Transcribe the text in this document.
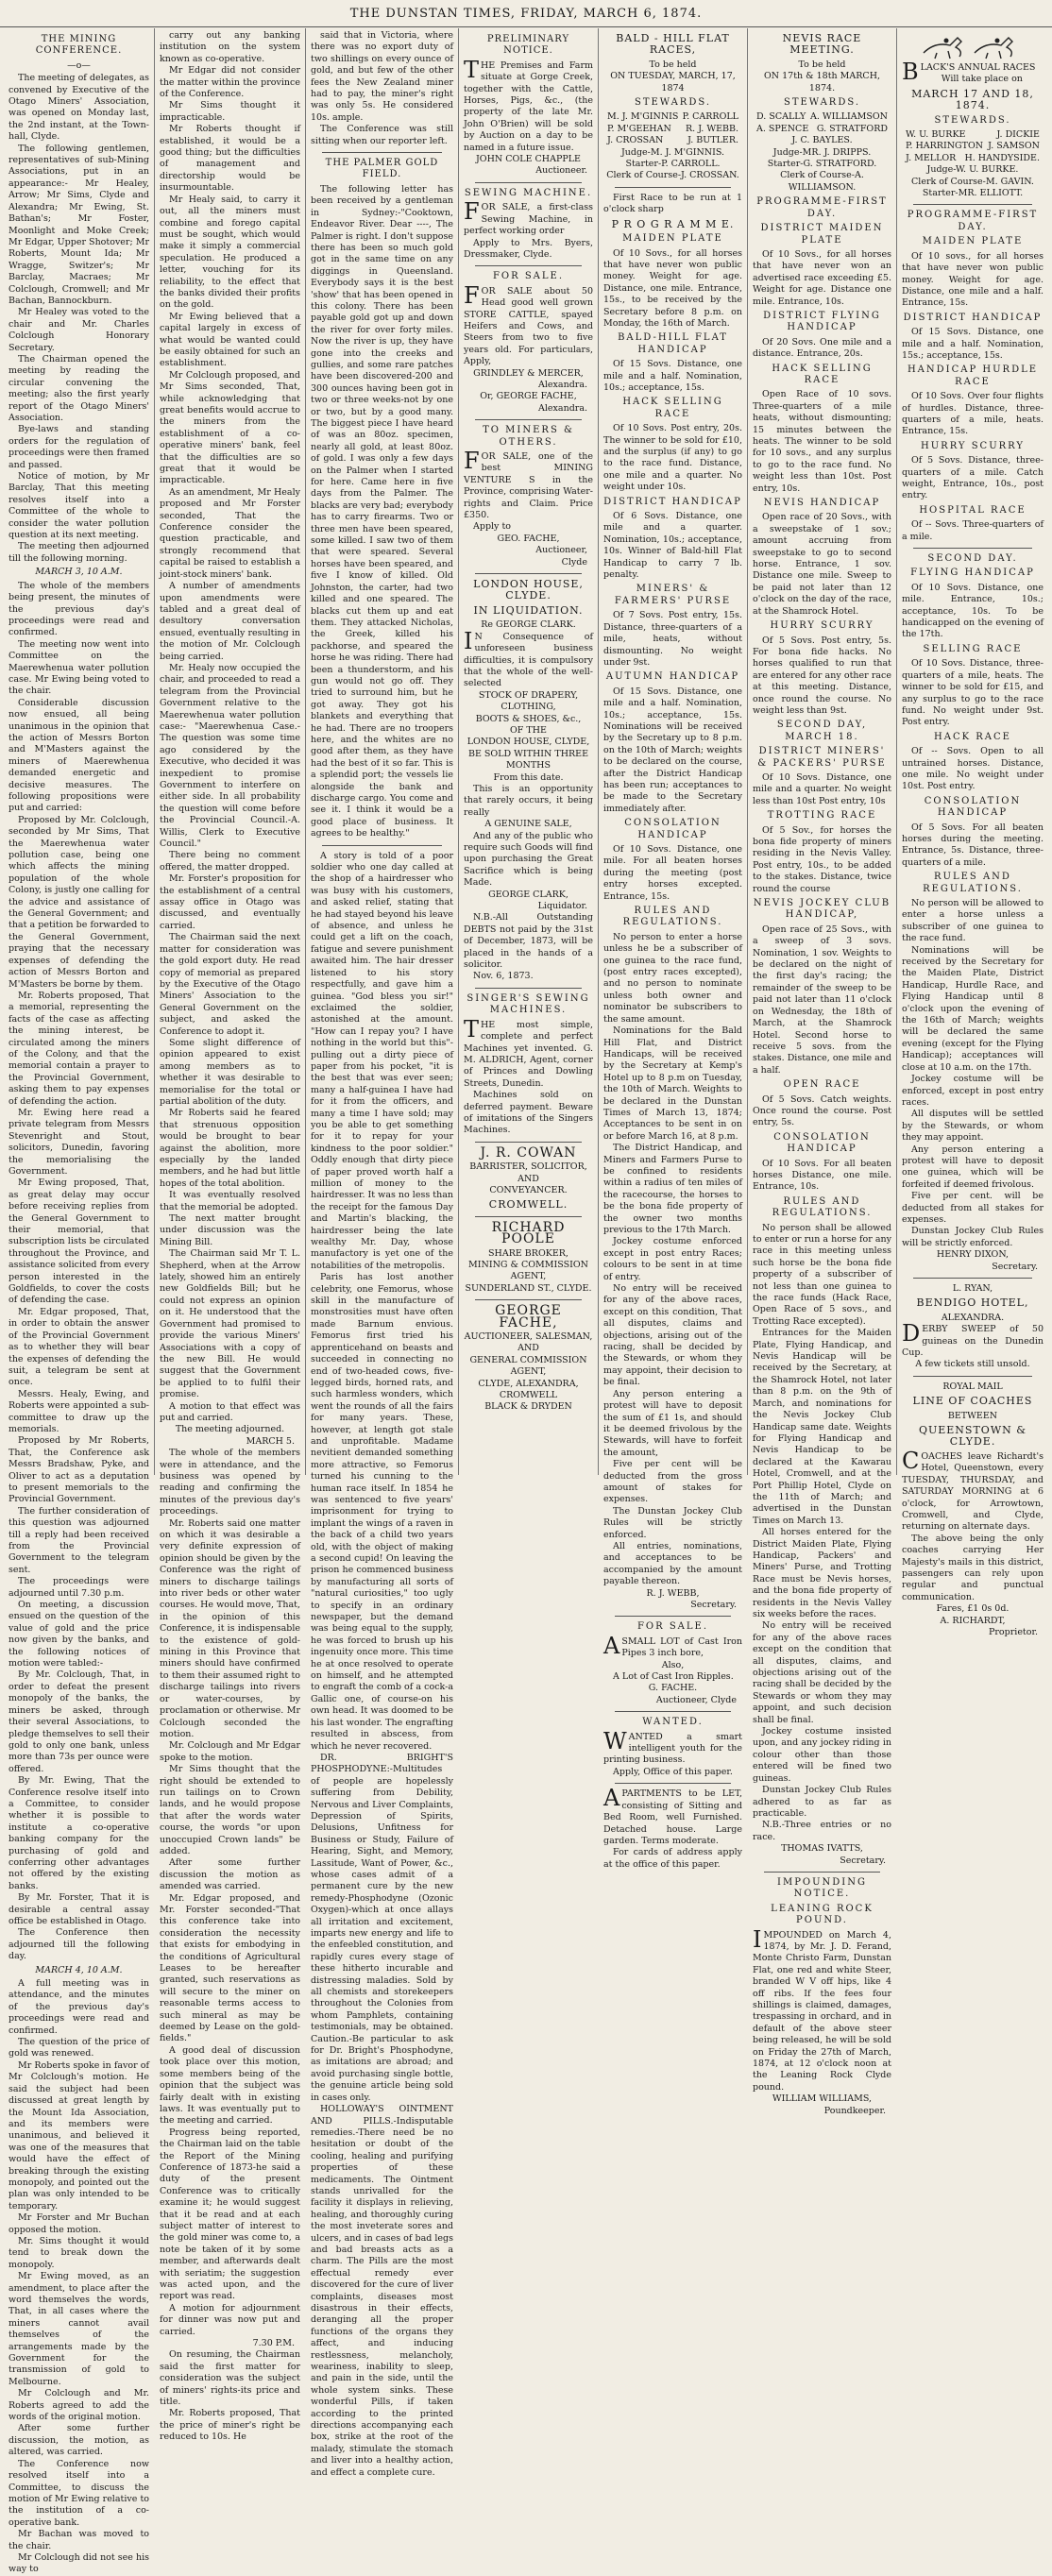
THE DUNSTAN TIMES, FRIDAY, MARCH 6, 1874.
THE MINING CONFERENCE.
—o—

The meeting of delegates, as convened by Executive of the Otago Miners' Association, was opened on Monday last, the 2nd instant, at the Town-hall, Clyde.

The following gentlemen, representatives of sub-Mining Associations, put in an appearance:- Mr Healey, Arrow; Mr Sims, Clyde and Alexandra; Mr Ewing, St. Bathan's; Mr Foster, Moonlight and Moke Creek; Mr Edgar, Upper Shotover; Mr Roberts, Mount Ida; Mr Wragge, Switzer's; Mr Barclay, Macraes; Mr Colclough, Cromwell; and Mr Bachan, Bannockburn.

Mr Healey was voted to the chair and Mr. Charles Colclough Honorary Secretary.

The Chairman opened the meeting by reading the circular convening the meeting; also the first yearly report of the Otago Miners' Association.

Bye-laws and standing orders for the regulation of proceedings were then framed and passed.

Notice of motion, by Mr Barclay, That this meeting resolves itself into a Committee of the whole to consider the water pollution question at its next meeting.

The meeting then adjourned till the following morning.

MARCH 3, 10 A.M.

The whole of the members being present, the minutes of the previous day's proceedings were read and confirmed.

The meeting now went into Committee on the Maerewhenua water pollution case. Mr Ewing being voted to the chair.

Considerable discussion now ensued, all being unanimous in the opinion that the action of Messrs Borton and M'Masters against the miners of Maerewhenua demanded energetic and decisive measures. The following propositions were put and carried:

Proposed by Mr. Colclough, seconded by Mr Sims, That the Maerewhenua water pollution case, being one which affects the mining population of the whole Colony, is justly one calling for the advice and assistance of the General Government; and that a petition be forwarded to the General Government, praying that the necessary expenses of defending the action of Messrs Borton and M'Masters be borne by them.

Mr. Roberts proposed, That a memorial, representing the facts of the case as affecting the mining interest, be circulated among the miners of the Colony, and that the memorial contain a prayer to the Provincial Government, asking them to pay expenses of defending the action.

Mr. Ewing here read a private telegram from Messrs Stevenright and Stout, solicitors, Dunedin, favoring the memorialising the Government.

Mr Ewing proposed, That, as great delay may occur before receiving replies from the General Government to their memorial, that subscription lists be circulated throughout the Province, and assistance solicited from every person interested in the Goldfields, to cover the costs of defending the case.

Mr. Edgar proposed, That, in order to obtain the answer of the Provincial Government as to whether they will bear the expenses of defending the suit, a telegram be sent at once.

Messrs. Healy, Ewing, and Roberts were appointed a sub-committee to draw up the memorials.

Proposed by Mr Roberts, That, the Conference ask Messrs Bradshaw, Pyke, and Oliver to act as a deputation to present memorials to the Provincial Government.

The further consideration of this question was adjourned till a reply had been received from the Provincial Government to the telegram sent.

The proceedings were adjourned until 7.30 p.m.

On meeting, a discussion ensued on the question of the value of gold and the price now given by the banks, and the following notices of motion were tabled:-

By Mr. Colclough, That, in order to defeat the present monopoly of the banks, the miners be asked, through their several Associations, to pledge themselves to sell their gold to only one bank, unless more than 73s per ounce were offered.

By Mr. Ewing, That the Conference resolve itself into a Committee, to consider whether it is possible to institute a co-operative banking company for the purchasing of gold and conferring other advantages not offered by the existing banks.

By Mr. Forster, That it is desirable a central assay office be established in Otago.

The Conference then adjourned till the following day.

MARCH 4, 10 A.M.

A full meeting was in attendance, and the minutes of the previous day's proceedings were read and confirmed.

The question of the price of gold was renewed.

Mr Roberts spoke in favor of Mr Colclough's motion. He said the subject had been discussed at great length by the Mount Ida Association, and its members were unanimous, and believed it was one of the measures that would have the effect of breaking through the existing monopoly, and pointed out the plan was only intended to be temporary.

Mr Forster and Mr Buchan opposed the motion.

Mr. Sims thought it would tend to break down the monopoly.

Mr Ewing moved, as an amendment, to place after the word themselves the words, That, in all cases where the miners cannot avail themselves of the arrangements made by the Government for the transmission of gold to Melbourne.

Mr Colclough and Mr. Roberts agreed to add the words of the original motion.

After some further discussion, the motion, as altered, was carried.

The Conference now resolved itself into a Committee, to discuss the motion of Mr Ewing relative to the institution of a co-operative bank.

Mr Bachan was moved to the chair.

Mr Colclough did not see his way to

carry out any banking institution on the system known as co-operative.

Mr Edgar did not consider the matter within the province of the Conference.

Mr Sims thought it impracticable.

Mr Roberts thought if established, it would be a good thing; but the difficulties of management and directorship would be insurmountable.

Mr Healy said, to carry it out, all the miners must combine and forego capital must be sought, which would make it simply a commercial speculation. He produced a letter, vouching for its reliability, to the effect that the banks divided their profits on the gold.

Mr Ewing believed that a capital largely in excess of what would be wanted could be easily obtained for such an establishment.

Mr Colclough proposed, and Mr Sims seconded, That, while acknowledging that great benefits would accrue to the miners from the establishment of a co-operative miners' bank, feel that the difficulties are so great that it would be impracticable.

As an amendment, Mr Healy proposed and Mr Forster seconded, That the Conference consider the question practicable, and strongly recommend that capital be raised to establish a joint-stock miners' bank.

A number of amendments upon amendments were tabled and a great deal of desultory conversation ensued, eventually resulting in the motion of Mr. Colclough being carried.

Mr. Healy now occupied the chair, and proceeded to read a telegram from the Provincial Government relative to the Maerewhenua water pollution case:- "Maerewhenua Case.-The question was some time ago considered by the Executive, who decided it was inexpedient to promise Government to interfere on either side. In all probability the question will come before the Provincial Council.-A. Willis, Clerk to Executive Council."

There being no comment offered, the matter dropped.

Mr. Forster's proposition for the establishment of a central assay office in Otago was discussed, and eventually carried.

The Chairman said the next matter for consideration was the gold export duty. He read copy of memorial as prepared by the Executive of the Otago Miners' Association to the General Government on the subject, and asked the Conference to adopt it.

Some slight difference of opinion appeared to exist among members as to whether it was desirable to memorialise for the total or partial abolition of the duty.

Mr Roberts said he feared that strenuous opposition would be brought to bear against the abolition, more especially by the landed members, and he had but little hopes of the total abolition.

It was eventually resolved that the memorial be adopted.

The next matter brought under discussion was the Mining Bill.

The Chairman said Mr T. L. Shepherd, when at the Arrow lately, showed him an entirely new Goldfields Bill; but he could not express an opinion on it. He understood that the Government had promised to provide the various Miners' Associations with a copy of the new Bill. He would suggest that the Government be applied to to fulfil their promise.

A motion to that effect was put and carried.

The meeting adjourned.

MARCH 5.

The whole of the members were in attendance, and the business was opened by reading and confirming the minutes of the previous day's proceedings.

Mr. Roberts said one matter on which it was desirable a very definite expression of opinion should be given by the Conference was the right of miners to discharge tailings into river beds or other water courses. He would move, That, in the opinion of this Conference, it is indispensable to the existence of gold-mining in this Province that miners should have confirmed to them their assumed right to discharge tailings into rivers or water-courses, by proclamation or otherwise. Mr Colclough seconded the motion.

Mr. Colclough and Mr Edgar spoke to the motion.

Mr Sims thought that the right should be extended to run tailings on to Crown lands, and he would propose that after the words water course, the words "or upon unoccupied Crown lands" be added.

After some further discussion the motion as amended was carried.

Mr. Edgar proposed, and Mr. Forster seconded-"That this conference take into consideration the necessity that exists for embodying in the conditions of Agricultural Leases to be hereafter granted, such reservations as will secure to the miner on reasonable terms access to such mineral as may be deemed by Lease on the gold-fields."

A good deal of discussion took place over this motion, some members being of the opinion that the subject was fairly dealt with in existing laws. It was eventually put to the meeting and carried.

Progress being reported, the Chairman laid on the table the Report of the Mining Conference of 1873-he said a duty of the present Conference was to critically examine it; he would suggest that it be read and at each subject matter of interest to the gold miner was come to, a note be taken of it by some member, and afterwards dealt with seriatim; the suggestion was acted upon, and the report was read.

A motion for adjournment for dinner was now put and carried.

7.30 P.M.

On resuming, the Chairman said the first matter for consideration was the subject of miners' rights-its price and title.

Mr. Roberts proposed, That the price of miner's right be reduced to 10s. He

said that in Victoria, where there was no export duty of two shillings on every ounce of gold, and but few of the other fees the New Zealand miner had to pay, the miner's right was only 5s. He considered 10s. ample.

The Conference was still sitting when our reporter left.

THE PALMER GOLD FIELD.

The following letter has been received by a gentleman in Sydney:-"Cooktown, Endeavor River. Dear ----, The Palmer is right. I don't suppose there has been so much gold got in the same time on any diggings in Queensland. Everybody says it is the best 'show' that has been opened in this colony. There has been payable gold got up and down the river for over forty miles. Now the river is up, they have gone into the creeks and gullies, and some rare patches have been discovered-200 and 300 ounces having been got in two or three weeks-not by one or two, but by a good many. The biggest piece I have heard of was an 80oz. specimen, nearly all gold, at least 80oz. of gold. I was only a few days on the Palmer when I started for here. Came here in five days from the Palmer. The blacks are very bad; everybody has to carry firearms. Two or three men have been speared, some killed. I saw two of them that were speared. Several horses have been speared, and five I know of killed. Old Johnston, the carter, had two killed and one speared. The blacks cut them up and eat them. They attacked Nicholas, the Greek, killed his packhorse, and speared the horse he was riding. There had been a thunderstorm, and his gun would not go off. They tried to surround him, but he got away. They got his blankets and everything that he had. There are no troopers here, and the whites are no good after them, as they have had the best of it so far. This is a splendid port; the vessels lie alongside the bank and discharge cargo. You come and see it. I think it would be a good place of business. It agrees to be healthy."

A story is told of a poor soldier who one day called at the shop of a hairdresser who was busy with his customers, and asked relief, stating that he had stayed beyond his leave of absence, and unless he could get a lift on the coach, fatigue and severe punishment awaited him. The hair dresser listened to his story respectfully, and gave him a guinea. "God bless you sir!" exclaimed the soldier, astonished at the amount. "How can I repay you? I have nothing in the world but this"-pulling out a dirty piece of paper from his pocket, "it is the best that was ever seen; many a half-guinea I have had for it from the officers, and many a time I have sold; may you be able to get something for it to repay for your kindness to the poor soldier." Oddly enough that dirty piece of paper proved worth half a million of money to the hairdresser. It was no less than the receipt for the famous Day and Martin's blacking, the hairdresser being the late wealthy Mr. Day, whose manufactory is yet one of the notabilities of the metropolis.

Paris has lost another celebrity, one Femorus, whose skill in the manufacture of monstrosities must have often made Barnum envious. Femorus first tried his apprenticehand on beasts and succeeded in connecting no end of two-headed cows, five-legged birds, horned rats, and such harmless wonders, which went the rounds of all the fairs for many years. These, however, at length got stale and unprofitable. Madame nevitient demanded something more attractive, so Femorus turned his cunning to the human race itself. In 1854 he was sentenced to five years' imprisonment for trying to implant the wings of a raven in the back of a child two years old, with the object of making a second cupid! On leaving the prison he commenced business by manufacturing all sorts of "natural curiosities," too ugly to specify in an ordinary newspaper, but the demand was being equal to the supply, he was forced to brush up his ingenuity once more. This time he at once resolved to operate on himself, and he attempted to engraft the comb of a cock-a Gallic one, of course-on his own head. It was doomed to be his last wonder. The engrafting resulted in abscess, from which he never recovered.

DR. BRIGHT'S PHOSPHODYNE:-Multitudes of people are hopelessly suffering from Debility, Nervous and Liver Complaints, Depression of Spirits, Delusions, Unfitness for Business or Study, Failure of Hearing, Sight, and Memory, Lassitude, Want of Power, &c., whose cases admit of a permanent cure by the new remedy-Phosphodyne (Ozonic Oxygen)-which at once allays all irritation and excitement, imparts new energy and life to the enfeebled constitution, and rapidly cures every stage of these hitherto incurable and distressing maladies. Sold by all chemists and storekeepers throughout the Colonies from whom Pamphlets, containing testimonials, may be obtained. Caution.-Be particular to ask for Dr. Bright's Phosphodyne, as imitations are abroad; and avoid purchasing single bottle, the genuine article being sold in cases only.

HOLLOWAY'S OINTMENT AND PILLS.-Indisputable remedies.-There need be no hesitation or doubt of the cooling, healing and purifying properties of these medicaments. The Ointment stands unrivalled for the facility it displays in relieving, healing, and thoroughly curing the most inveterate sores and ulcers, and in cases of bad legs and bad breasts acts as a charm. The Pills are the most effectual remedy ever discovered for the cure of liver complaints, diseases most disastrous in their effects, deranging all the proper functions of the organs they affect, and inducing restlessness, melancholy, weariness, inability to sleep, and pain in the side, until the whole system sinks. These wonderful Pills, if taken according to the printed directions accompanying each box, strike at the root of the malady, stimulate the stomach and liver into a healthy action, and effect a complete cure.

PRELIMINARY NOTICE.

THE Premises and Farm situate at Gorge Creek, together with the Cattle, Horses, Pigs, &c., (the property of the late Mr. John O'Brien) will be sold by Auction on a day to be named in a future issue.

JOHN COLE CHAPPLE
Auctioneer.
SEWING MACHINE.

FOR SALE, a first-class Sewing Machine, in perfect working order

Apply to Mrs. Byers, Dressmaker, Clyde.

FOR SALE.

FOR SALE about 50 Head good well grown STORE CATTLE, spayed Heifers and Cows, and Steers from two to five years old. For particulars, Apply,

GRINDLEY & MERCER,
Alexandra.
Or, GEORGE FACHE,
Alexandra.
TO MINERS & OTHERS.

FOR SALE, one of the best MINING VENTURE S in the Province, comprising Water-rights and Claim. Price £350.

Apply to

GEO. FACHE,
Auctioneer,
Clyde
LONDON HOUSE, CLYDE.
IN LIQUIDATION.
Re GEORGE CLARK.

IN Consequence of unforeseen business difficulties, it is compulsory that the whole of the well-selected

STOCK OF DRAPERY, CLOTHING,
BOOTS & SHOES, &c.,
OF THE
LONDON HOUSE, CLYDE,
BE SOLD WITHIN THREE MONTHS
From this date.

This is an opportunity that rarely occurs, it being really

A GENUINE SALE,

And any of the public who require such Goods will find upon purchasing the Great Sacrifice which is being Made.

GEORGE CLARK,
Liquidator.

N.B.-All Outstanding DEBTS not paid by the 31st of December, 1873, will be placed in the hands of a solicitor.

Nov. 6, 1873.

SINGER'S SEWING MACHINES.

THE most simple, complete and perfect Machines yet invented. G. M. ALDRICH, Agent, corner of Princes and Dowling Streets, Dunedin.

Machines sold on deferred payment. Beware of imitations of the Singers Machines.

J. R. COWAN
BARRISTER, SOLICITOR,
AND
CONVEYANCER.
CROMWELL.
RICHARD POOLE
SHARE BROKER,
MINING & COMMISSION AGENT,
SUNDERLAND ST., CLYDE.
GEORGE FACHE,
AUCTIONEER, SALESMAN,
AND
GENERAL COMMISSION AGENT,
CLYDE, ALEXANDRA, CROMWELL
BLACK & DRYDEN
BALD - HILL FLAT RACES,
To be held
ON TUESDAY, MARCH, 17, 1874
STEWARDS.
M. J. M'GINNIS P. CARROLL
P. M'GEEHAN R. J. WEBB.
J. CROSSAN	J. BUTLER.
Judge-M. J. M'GINNIS.
Starter-P. CARROLL.
Clerk of Course-J. CROSSAN.

First Race to be run at 1 o'clock sharp

P R O G R A M M E.
MAIDEN PLATE

Of 10 Sovs., for all horses that have never won public money. Weight for age. Distance, one mile. Entrance, 15s., to be received by the Secretary before 8 p.m. on Monday, the 16th of March.

BALD-HILL FLAT HANDICAP

Of 15 Sovs. Distance, one mile and a half. Nomination, 10s.; acceptance, 15s.

HACK SELLING RACE

Of 10 Sovs. Post entry, 20s. The winner to be sold for £10, and the surplus (if any) to go to the race fund. Distance, one mile and a quarter. No weight under 10s.

DISTRICT HANDICAP

Of 6 Sovs. Distance, one mile and a quarter. Nomination, 10s.; acceptance, 10s. Winner of Bald-hill Flat Handicap to carry 7 lb. penalty.

MINERS' & FARMERS' PURSE

Of 7 Sovs. Post entry, 15s. Distance, three-quarters of a mile, heats, without dismounting. No weight under 9st.

AUTUMN HANDICAP

Of 15 Sovs. Distance, one mile and a half. Nomination, 10s.; acceptance, 15s. Nominations will be received by the Secretary up to 8 p.m. on the 10th of March; weights to be declared on the course, after the District Handicap has been run; acceptances to be made to the Secretary immediately after.

CONSOLATION HANDICAP

Of 10 Sovs. Distance, one mile. For all beaten horses during the meeting (post entry horses excepted. Entrance, 15s.

RULES AND REGULATIONS.

No person to enter a horse unless he be a subscriber of one guinea to the race fund, (post entry races excepted), and no person to nominate unless both owner and nominator be subscribers to the same amount.

Nominations for the Bald Hill Flat, and District Handicaps, will be received by the Secretary at Kemp's Hotel up to 8 p.m on Tuesday, the 10th of March. Weights to be declared in the Dunstan Times of March 13, 1874; Acceptances to be sent in on or before March 16, at 8 p.m.

The District Handicap, and Miners and Farmers Purse to be confined to residents within a radius of ten miles of the racecourse, the horses to be the bona fide property of the owner two months previous to the 17th March.

Jockey costume enforced except in post entry Races; colours to be sent in at time of entry.

No entry will be received for any of the above races, except on this condition, That all disputes, claims and objections, arising out of the racing, shall be decided by the Stewards, or whom they may appoint, their decision to be final.

Any person entering a protest will have to deposit the sum of £1 1s, and should it be deemed frivolous by the Stewards, will have to forfeit the amount,

Five per cent will be deducted from the gross amount of stakes for expenses.

The Dunstan Jockey Club Rules will be strictly enforced.

All entries, nominations, and acceptances to be accompanied by the amount payable thereon.

R. J. WEBB,
Secretary.
FOR SALE.

ASMALL LOT of Cast Iron Pipes 3 inch bore,

Also,

A Lot of Cast Iron Ripples.

G. FACHE.
Auctioneer, Clyde
WANTED.

WANTED a smart intelligent youth for the printing business.

Apply, Office of this paper.

APARTMENTS to be LET, consisting of Sitting and Bed Room, well Furnished. Detached house. Large garden. Terms moderate.

For cards of address apply at the office of this paper.

NEVIS RACE MEETING.
To be held
ON 17th & 18th MARCH, 1874.
STEWARDS.
D. SCALLY A. WILLIAMSON
A. SPENCE G. STRATFORD
J. C. BAYLES.
Judge-MR. J. DRIPPS.
Starter-G. STRATFORD.
Clerk of Course-A. WILLIAMSON.
PROGRAMME-FIRST DAY.
DISTRICT MAIDEN PLATE

Of 10 Sovs., for all horses that have never won an advertised race exceeding £5. Weight for age. Distance one mile. Entrance, 10s.

DISTRICT FLYING HANDICAP

Of 20 Sovs. One mile and a distance. Entrance, 20s.

HACK SELLING RACE

Open Race of 10 sovs. Three-quarters of a mile heats, without dismounting; 15 minutes between the heats. The winner to be sold for 10 sovs., and any surplus to go to the race fund. No weight less than 10st. Post entry, 10s.

NEVIS HANDICAP

Open race of 20 Sovs., with a sweepstake of 1 sov.; amount accruing from sweepstake to go to second horse. Entrance, 1 sov. Distance one mile. Sweep to be paid not later than 12 o'clock on the day of the race, at the Shamrock Hotel.

HURRY SCURRY

Of 5 Sovs. Post entry, 5s. For bona fide hacks. No horses qualified to run that are entered for any other race at this meeting. Distance, once round the course. No weight less than 9st.

SECOND DAY, MARCH 18.
DISTRICT MINERS' & PACKERS' PURSE

Of 10 Sovs. Distance, one mile and a quarter. No weight less than 10st Post entry, 10s

TROTTING RACE

Of 5 Sov., for horses the bona fide property of miners residing in the Nevis Valley. Post entry, 10s., to be added to the stakes. Distance, twice round the course

NEVIS JOCKEY CLUB HANDICAP,

Open race of 25 Sovs., with a sweep of 3 sovs. Nomination, 1 sov. Weights to be declared on the night of the first day's racing; the remainder of the sweep to be paid not later than 11 o'clock on Wednesday, the 18th of March, at the Shamrock Hotel. Second horse to receive 5 sovs. from the stakes. Distance, one mile and a half.

OPEN RACE

Of 5 Sovs. Catch weights. Once round the course. Post entry, 5s.

CONSOLATION HANDICAP

Of 10 Sovs. For all beaten horses Distance, one mile. Entrance, 10s.

RULES AND REGULATIONS.

No person shall be allowed to enter or run a horse for any race in this meeting unless such horse be the bona fide property of a subscriber of not less than one guinea to the race funds (Hack Race, Open Race of 5 sovs., and Trotting Race excepted).

Entrances for the Maiden Plate, Flying Handicap, and Nevis Handicap will be received by the Secretary, at the Shamrock Hotel, not later than 8 p.m. on the 9th of March, and nominations for the Nevis Jockey Club Handicap same date. Weights for Flying Handicap and Nevis Handicap to be declared at the Kawarau Hotel, Cromwell, and at the Port Phillip Hotel, Clyde on the 11th of March; and advertised in the Dunstan Times on March 13.

All horses entered for the District Maiden Plate, Flying Handicap, Packers' and Miners' Purse, and Trotting Race must be Nevis horses, and the bona fide property of residents in the Nevis Valley six weeks before the races.

No entry will be received for any of the above races except on the condition that all disputes, claims, and objections arising out of the racing shall be decided by the Stewards or whom they may appoint, and such decision shall be final.

Jockey costume insisted upon, and any jockey riding in colour other than those entered will be fined two guineas.

Dunstan Jockey Club Rules adhered to as far as practicable.

N.B.-Three entries or no race.

THOMAS IVATTS,
Secretary.
IMPOUNDING NOTICE.
LEANING ROCK POUND.

IMPOUNDED on March 4, 1874, by Mr. J. D. Ferand, Monte Christo Farm, Dunstan Flat, one red and white Steer, branded W V off hips, like 4 off ribs. If the fees four shillings is claimed, damages, trespassing in orchard, and in default of the above steer being released, he will be sold on Friday the 27th of March, 1874, at 12 o'clock noon at the Leaning Rock Clyde pound.

WILLIAM WILLIAMS,
Poundkeeper.

BLACK'S ANNUAL RACES

Will take place on
MARCH 17 AND 18, 1874.
STEWARDS.
W. U. BURKE	J. DICKIE
P. HARRINGTON J. SAMSON
J. MELLOR H. HANDYSIDE.
Judge-W. U. BURKE.
Clerk of Course-M. GAVIN.
Starter-MR. ELLIOTT.
PROGRAMME-FIRST DAY.
MAIDEN PLATE

Of 10 sovs., for all horses that have never won public money. Weight for age. Distance, one mile and a half. Entrance, 15s.

DISTRICT HANDICAP

Of 15 Sovs. Distance, one mile and a half. Nomination, 15s.; acceptance, 15s.

HANDICAP HURDLE RACE

Of 10 Sovs. Over four flights of hurdles. Distance, three-quarters of a mile, heats. Entrance, 15s.

HURRY SCURRY

Of 5 Sovs. Distance, three-quarters of a mile. Catch weight, Entrance, 10s., post entry.

HOSPITAL RACE

Of -- Sovs. Three-quarters of a mile.

SECOND DAY.
FLYING HANDICAP

Of 10 Sovs. Distance, one mile. Entrance, 10s.; acceptance, 10s. To be handicapped on the evening of the 17th.

SELLING RACE

Of 10 Sovs. Distance, three-quarters of a mile, heats. The winner to be sold for £15, and any surplus to go to the race fund. No weight under 9st. Post entry.

HACK RACE

Of -- Sovs. Open to all untrained horses. Distance, one mile. No weight under 10st. Post entry.

CONSOLATION HANDICAP

Of 5 Sovs. For all beaten horses during the meeting. Entrance, 5s. Distance, three-quarters of a mile.

RULES AND REGULATIONS.

No person will be allowed to enter a horse unless a subscriber of one guinea to the race fund.

Nominations will be received by the Secretary for the Maiden Plate, District Handicap, Hurdle Race, and Flying Handicap until 8 o'clock upon the evening of the 16th of March; weights will be declared the same evening (except for the Flying Handicap); acceptances will close at 10 a.m. on the 17th.

Jockey costume will be enforced, except in post entry races.

All disputes will be settled by the Stewards, or whom they may appoint.

Any person entering a protest will have to deposit one guinea, which will be forfeited if deemed frivolous.

Five per cent. will be deducted from all stakes for expenses.

Dunstan Jockey Club Rules will be strictly enforced.

HENRY DIXON,
Secretary.
L. RYAN,
BENDIGO HOTEL,
ALEXANDRA.

DERBY SWEEP of 50 guineas on the Dunedin Cup.

A few tickets still unsold.
ROYAL MAIL
LINE OF COACHES
BETWEEN
QUEENSTOWN & CLYDE.

COACHES leave Richardt's Hotel, Queenstown, every TUESDAY, THURSDAY, and SATURDAY MORNING at 6 o'clock, for Arrowtown, Cromwell, and Clyde, returning on alternate days.

The above being the only coaches carrying Her Majesty's mails in this district, passengers can rely upon regular and punctual communication.

Fares, £1 0s 0d.
A. RICHARDT,
Proprietor.
